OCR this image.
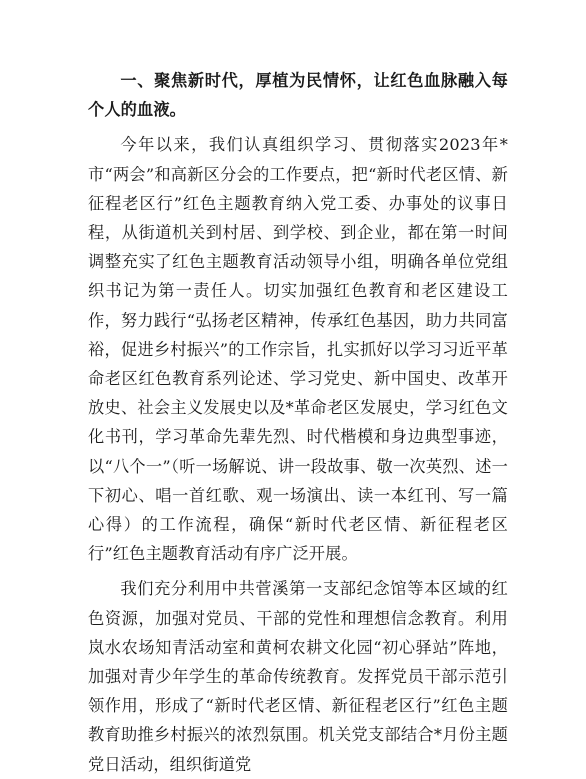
一、聚焦新时代，厚植为民情怀，让红色血脉融入每个人的血液。

今年以来，我们认真组织学习、贯彻落实2023年*市“两会”和高新区分会的工作要点，把“新时代老区情、新征程老区行”红色主题教育纳入党工委、办事处的议事日程，从街道机关到村居、到学校、到企业，都在第一时间调整充实了红色主题教育活动领导小组，明确各单位党组织书记为第一责任人。切实加强红色教育和老区建设工作，努力践行“弘扬老区精神，传承红色基因，助力共同富裕，促进乡村振兴”的工作宗旨，扎实抓好以学习习近平革命老区红色教育系列论述、学习党史、新中国史、改革开放史、社会主义发展史以及*革命老区发展史，学习红色文化书刊，学习革命先辈先烈、时代楷模和身边典型事迹，以“八个一”（听一场解说、讲一段故事、敬一次英烈、述一下初心、唱一首红歌、观一场演出、读一本红刊、写一篇心得）的工作流程，确保“新时代老区情、新征程老区行”红色主题教育活动有序广泛开展。

我们充分利用中共菅溪第一支部纪念馆等本区域的红色资源，加强对党员、干部的党性和理想信念教育。利用岚水农场知青活动室和黄柯农耕文化园“初心驿站”阵地，加强对青少年学生的革命传统教育。发挥党员干部示范引领作用，形成了“新时代老区情、新征程老区行”红色主题教育助推乡村振兴的浓烈氛围。机关党支部结合*月份主题党日活动，组织街道党
